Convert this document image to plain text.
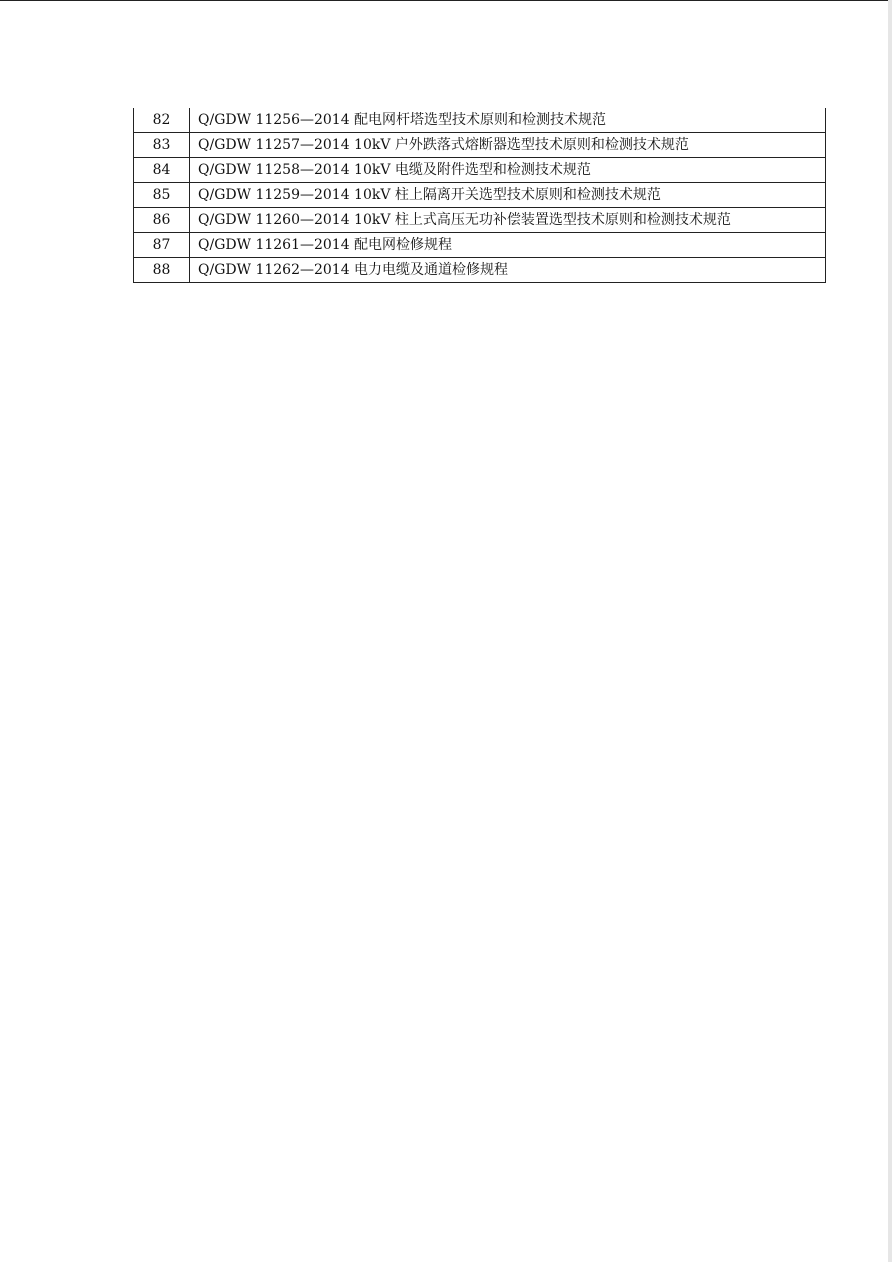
82	Q/GDW 11256—2014 配电网杆塔选型技术原则和检测技术规范
83	Q/GDW 11257—2014 10kV 户外跌落式熔断器选型技术原则和检测技术规范
84	Q/GDW 11258—2014 10kV 电缆及附件选型和检测技术规范
85	Q/GDW 11259—2014 10kV 柱上隔离开关选型技术原则和检测技术规范
86	Q/GDW 11260—2014 10kV 柱上式高压无功补偿装置选型技术原则和检测技术规范
87	Q/GDW 11261—2014 配电网检修规程
88	Q/GDW 11262—2014 电力电缆及通道检修规程
